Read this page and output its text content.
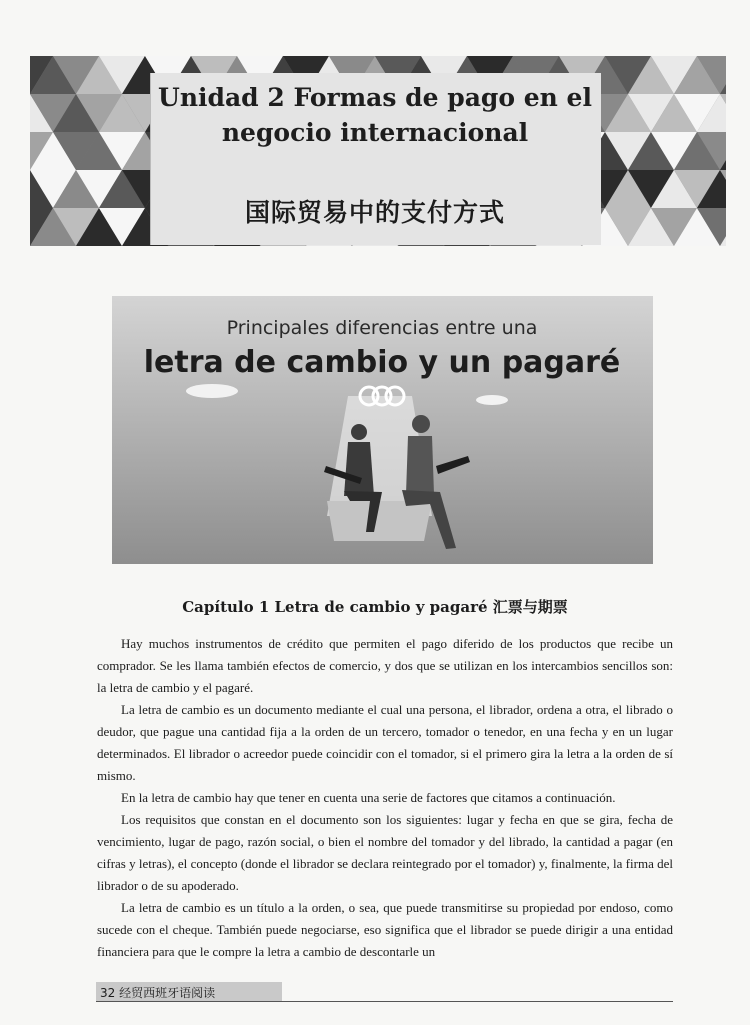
Unidad 2 Formas de pago en el negocio internacional
国际贸易中的支付方式
Principales diferencias entre una
letra de cambio y un pagaré
Capítulo 1 Letra de cambio y pagaré 汇票与期票

Hay muchos instrumentos de crédito que permiten el pago diferido de los productos que recibe un comprador. Se les llama también efectos de comercio, y dos que se utilizan en los intercambios sencillos son: la letra de cambio y el pagaré.

La letra de cambio es un documento mediante el cual una persona, el librador, ordena a otra, el librado o deudor, que pague una cantidad fija a la orden de un tercero, tomador o tenedor, en una fecha y en un lugar determinados. El librador o acreedor puede coincidir con el tomador, si el primero gira la letra a la orden de sí mismo.

En la letra de cambio hay que tener en cuenta una serie de factores que citamos a continuación.

Los requisitos que constan en el documento son los siguientes: lugar y fecha en que se gira, fecha de vencimiento, lugar de pago, razón social, o bien el nombre del tomador y del librado, la cantidad a pagar (en cifras y letras), el concepto (donde el librador se declara reintegrado por el tomador) y, finalmente, la firma del librador o de su apoderado.

La letra de cambio es un título a la orden, o sea, que puede transmitirse su propiedad por endoso, como sucede con el cheque. También puede negociarse, eso significa que el librador se puede dirigir a una entidad financiera para que le compre la letra a cambio de descontarle un

32 经贸西班牙语阅读
